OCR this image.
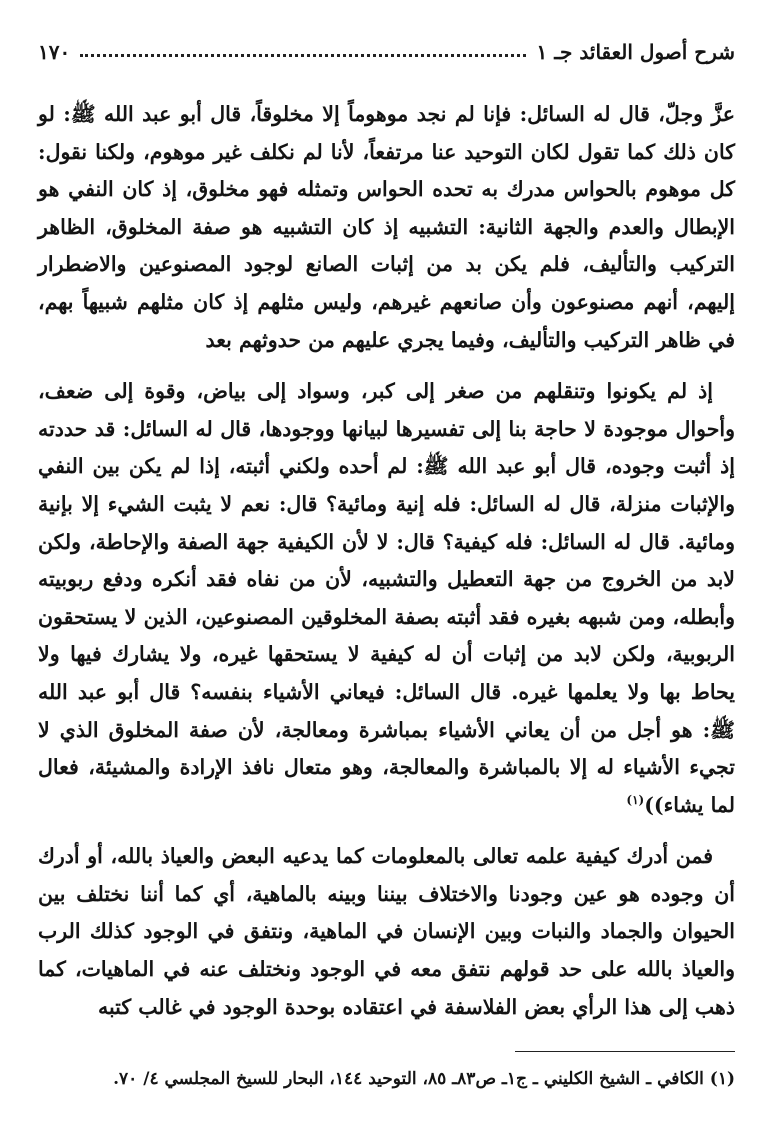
شرح أصول العقائد جـ ١
١٧٠

عزَّ وجلّ، قال له السائل: فإنا لم نجد موهوماً إلا مخلوقاً، قال أبو عبد الله ﷺ: لو كان ذلك كما تقول لكان التوحيد عنا مرتفعاً، لأنا لم نكلف غير موهوم، ولكنا نقول: كل موهوم بالحواس مدرك به تحده الحواس وتمثله فهو مخلوق، إذ كان النفي هو الإبطال والعدم والجهة الثانية: التشبيه إذ كان التشبيه هو صفة المخلوق، الظاهر التركيب والتأليف، فلم يكن بد من إثبات الصانع لوجود المصنوعين والاضطرار إليهم، أنهم مصنوعون وأن صانعهم غيرهم، وليس مثلهم إذ كان مثلهم شبيهاً بهم، في ظاهر التركيب والتأليف، وفيما يجري عليهم من حدوثهم بعد

إذ لم يكونوا وتنقلهم من صغر إلى كبر، وسواد إلى بياض، وقوة إلى ضعف، وأحوال موجودة لا حاجة بنا إلى تفسيرها لبيانها ووجودها، قال له السائل: قد حددته إذ أثبت وجوده، قال أبو عبد الله ﷺ: لم أحده ولكني أثبته، إذا لم يكن بين النفي والإثبات منزلة، قال له السائل: فله إنية ومائية؟ قال: نعم لا يثبت الشيء إلا بإنية ومائية. قال له السائل: فله كيفية؟ قال: لا لأن الكيفية جهة الصفة والإحاطة، ولكن لابد من الخروج من جهة التعطيل والتشبيه، لأن من نفاه فقد أنكره ودفع ربوبيته وأبطله، ومن شبهه بغيره فقد أثبته بصفة المخلوقين المصنوعين، الذين لا يستحقون الربوبية، ولكن لابد من إثبات أن له كيفية لا يستحقها غيره، ولا يشارك فيها ولا يحاط بها ولا يعلمها غيره. قال السائل: فيعاني الأشياء بنفسه؟ قال أبو عبد الله ﷺ: هو أجل من أن يعاني الأشياء بمباشرة ومعالجة، لأن صفة المخلوق الذي لا تجيء الأشياء له إلا بالمباشرة والمعالجة، وهو متعال نافذ الإرادة والمشيئة، فعال لما يشاء))$^{(١)}$

فمن أدرك كيفية علمه تعالى بالمعلومات كما يدعيه البعض والعياذ بالله، أو أدرك أن وجوده هو عين وجودنا والاختلاف بيننا وبينه بالماهية، أي كما أننا نختلف بين الحيوان والجماد والنبات وبين الإنسان في الماهية، ونتفق في الوجود كذلك الرب والعياذ بالله على حد قولهم نتفق معه في الوجود ونختلف عنه في الماهيات، كما ذهب إلى هذا الرأي بعض الفلاسفة في اعتقاده بوحدة الوجود في غالب كتبه

(١) الكافي ـ الشيخ الكليني ـ ج١ـ ص٨٣ـ ٨٥، التوحيد ١٤٤، البحار للسيخ المجلسي ٤/ ٧٠.
